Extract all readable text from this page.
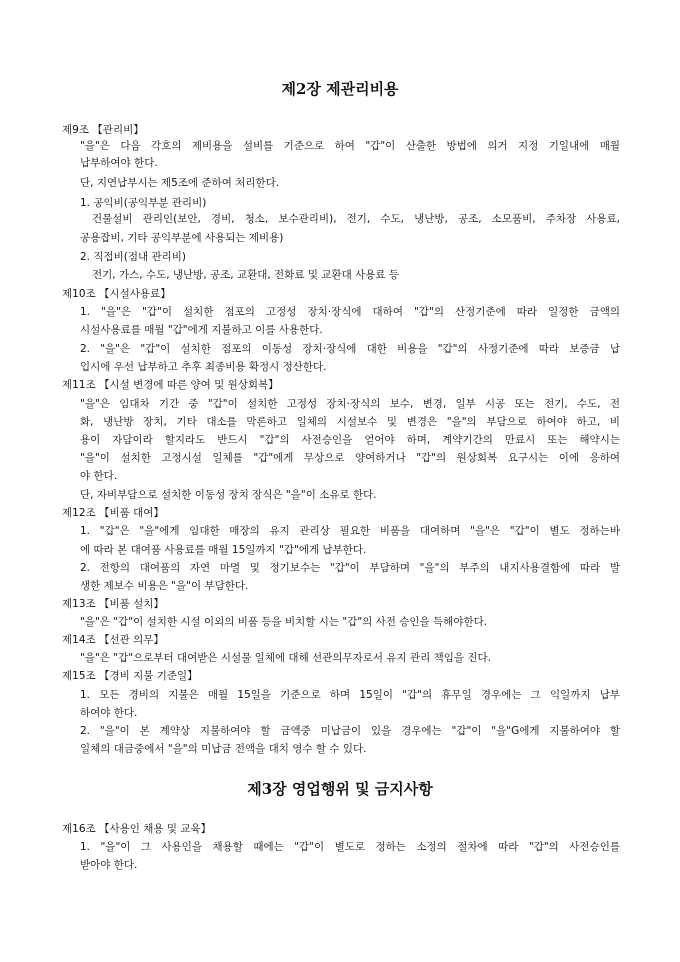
제2장 제관리비용

제9조 【관리비】

"을"은 다음 각호의 제비용을 설비를 기준으로 하여 "갑"이 산출한 방법에 의거 지정 기일내에 매월

납부하여야 한다.

단, 지연납부시는 제5조에 준하여 처리한다.

1. 공익비(공익부분 관리비)

건물설비 관리인(보안, 경비, 청소, 보수관리비), 전기, 수도, 냉난방, 공조, 소모품비, 주차장 사용료,

공용잡비, 기타 공익부분에 사용되는 제비용)

2. 직접비(점내 관리비)

전기, 가스, 수도, 냉난방, 공조, 교환대, 전화료 및 교환대 사용료 등

제10조 【시설사용료】

1. "을"은 "갑"이 설치한 점포의 고정성 장치·장식에 대하여 "갑"의 산정기준에 따라 일정한 금액의

시설사용료를 매월 "갑"에게 지불하고 이를 사용한다.

2. "을"은 "갑"이 설치한 점포의 이동성 장치·장식에 대한 비용을 "갑"의 사정기준에 따라 보증금 납

입시에 우선 납부하고 추후 최종비용 확정시 정산한다.

제11조 【시설 변경에 따른 양여 및 원상회복】

"을"은 임대차 기간 중 "갑"이 설치한 고정성 장치·장식의 보수, 변경, 일부 시공 또는 전기, 수도, 전

화, 냉난방 장치, 기타 대소를 막론하고 일체의 시설보수 및 변경은 "을"의 부담으로 하여야 하고, 비

용이 자담이라 할지라도 반드시 "갑"의 사전승인을 얻어야 하며, 계약기간의 만료시 또는 해약시는

"을"이 설치한 고정시설 일체를 "갑"에게 무상으로 양여하거나 "갑"의 원상회복 요구시는 이에 응하여

야 한다.

단, 자비부담으로 설치한 이동성 장치 장식은 "을"이 소유로 한다.

제12조 【비품 대여】

1. "갑"은 "을"에게 임대한 매장의 유지 관리상 필요한 비품을 대여하며 "을"은 "갑"이 별도 정하는바

에 따라 본 대여품 사용료를 매월 15일까지 "갑"에게 납부한다.

2. 전항의 대여품의 자연 마멸 및 정기보수는 "갑"이 부담하며 "을"의 부주의 내지사용결함에 따라 발

생한 제보수 비용은 "을"이 부담한다.

제13조 【비품 설치】

"을"은 "갑"이 설치한 시설 이외의 비품 등을 비치할 시는 "갑"의 사전 승인을 득해야한다.

제14조 【선관 의무】

"을"은 "갑"으로부터 대여받은 시설물 일체에 대해 선관의무자로서 유지 관리 책임을 진다.

제15조 【경비 지불 기준일】

1. 모든 경비의 지불은 매월 15일을 기준으로 하며 15일이 "갑"의 휴무일 경우에는 그 익일까지 납부

하여야 한다.

2. "을"이 본 계약상 지불하여야 할 금액중 미납금이 있을 경우에는 "갑"이 "을"G에게 지불하여야 할

일체의 대금중에서 "을"의 미납금 전액을 대치 영수 할 수 있다.

제3장 영업행위 및 금지사항

제16조 【사용인 채용 및 교육】

1. "을"이 그 사용인을 채용할 때에는 "갑"이 별도로 정하는 소정의 절차에 따라 "갑"의 사전승인를

받아야 한다.
